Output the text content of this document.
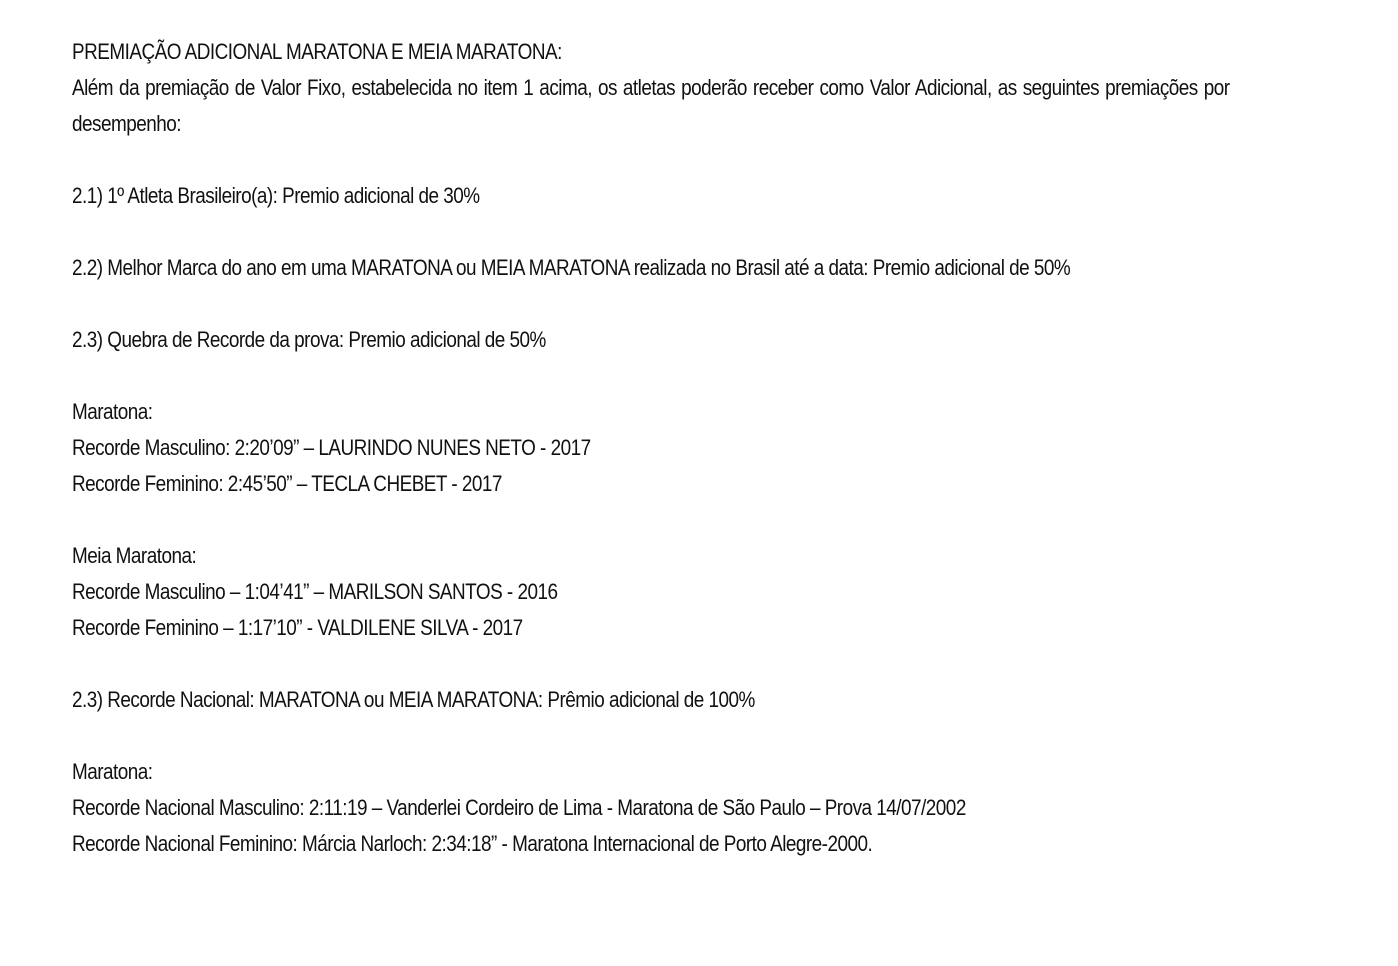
PREMIAÇÃO ADICIONAL MARATONA E MEIA MARATONA:

Além da premiação de Valor Fixo, estabelecida no item 1 acima, os atletas poderão receber como Valor Adicional, as seguintes premiações por desempenho:

2.1) 1º Atleta Brasileiro(a): Premio adicional de 30%

2.2) Melhor Marca do ano em uma MARATONA ou MEIA MARATONA realizada no Brasil até a data: Premio adicional de 50%

2.3) Quebra de Recorde da prova: Premio adicional de 50%

Maratona:

Recorde Masculino: 2:20’09” – LAURINDO NUNES NETO - 2017

Recorde Feminino: 2:45’50” – TECLA CHEBET - 2017

Meia Maratona:

Recorde Masculino – 1:04’41” – MARILSON SANTOS - 2016

Recorde Feminino – 1:17’10” - VALDILENE SILVA - 2017

2.3) Recorde Nacional: MARATONA ou MEIA MARATONA: Prêmio adicional de 100%

Maratona:

Recorde Nacional Masculino: 2:11:19 – Vanderlei Cordeiro de Lima - Maratona de São Paulo – Prova 14/07/2002

Recorde Nacional Feminino: Márcia Narloch: 2:34:18” - Maratona Internacional de Porto Alegre-2000.
